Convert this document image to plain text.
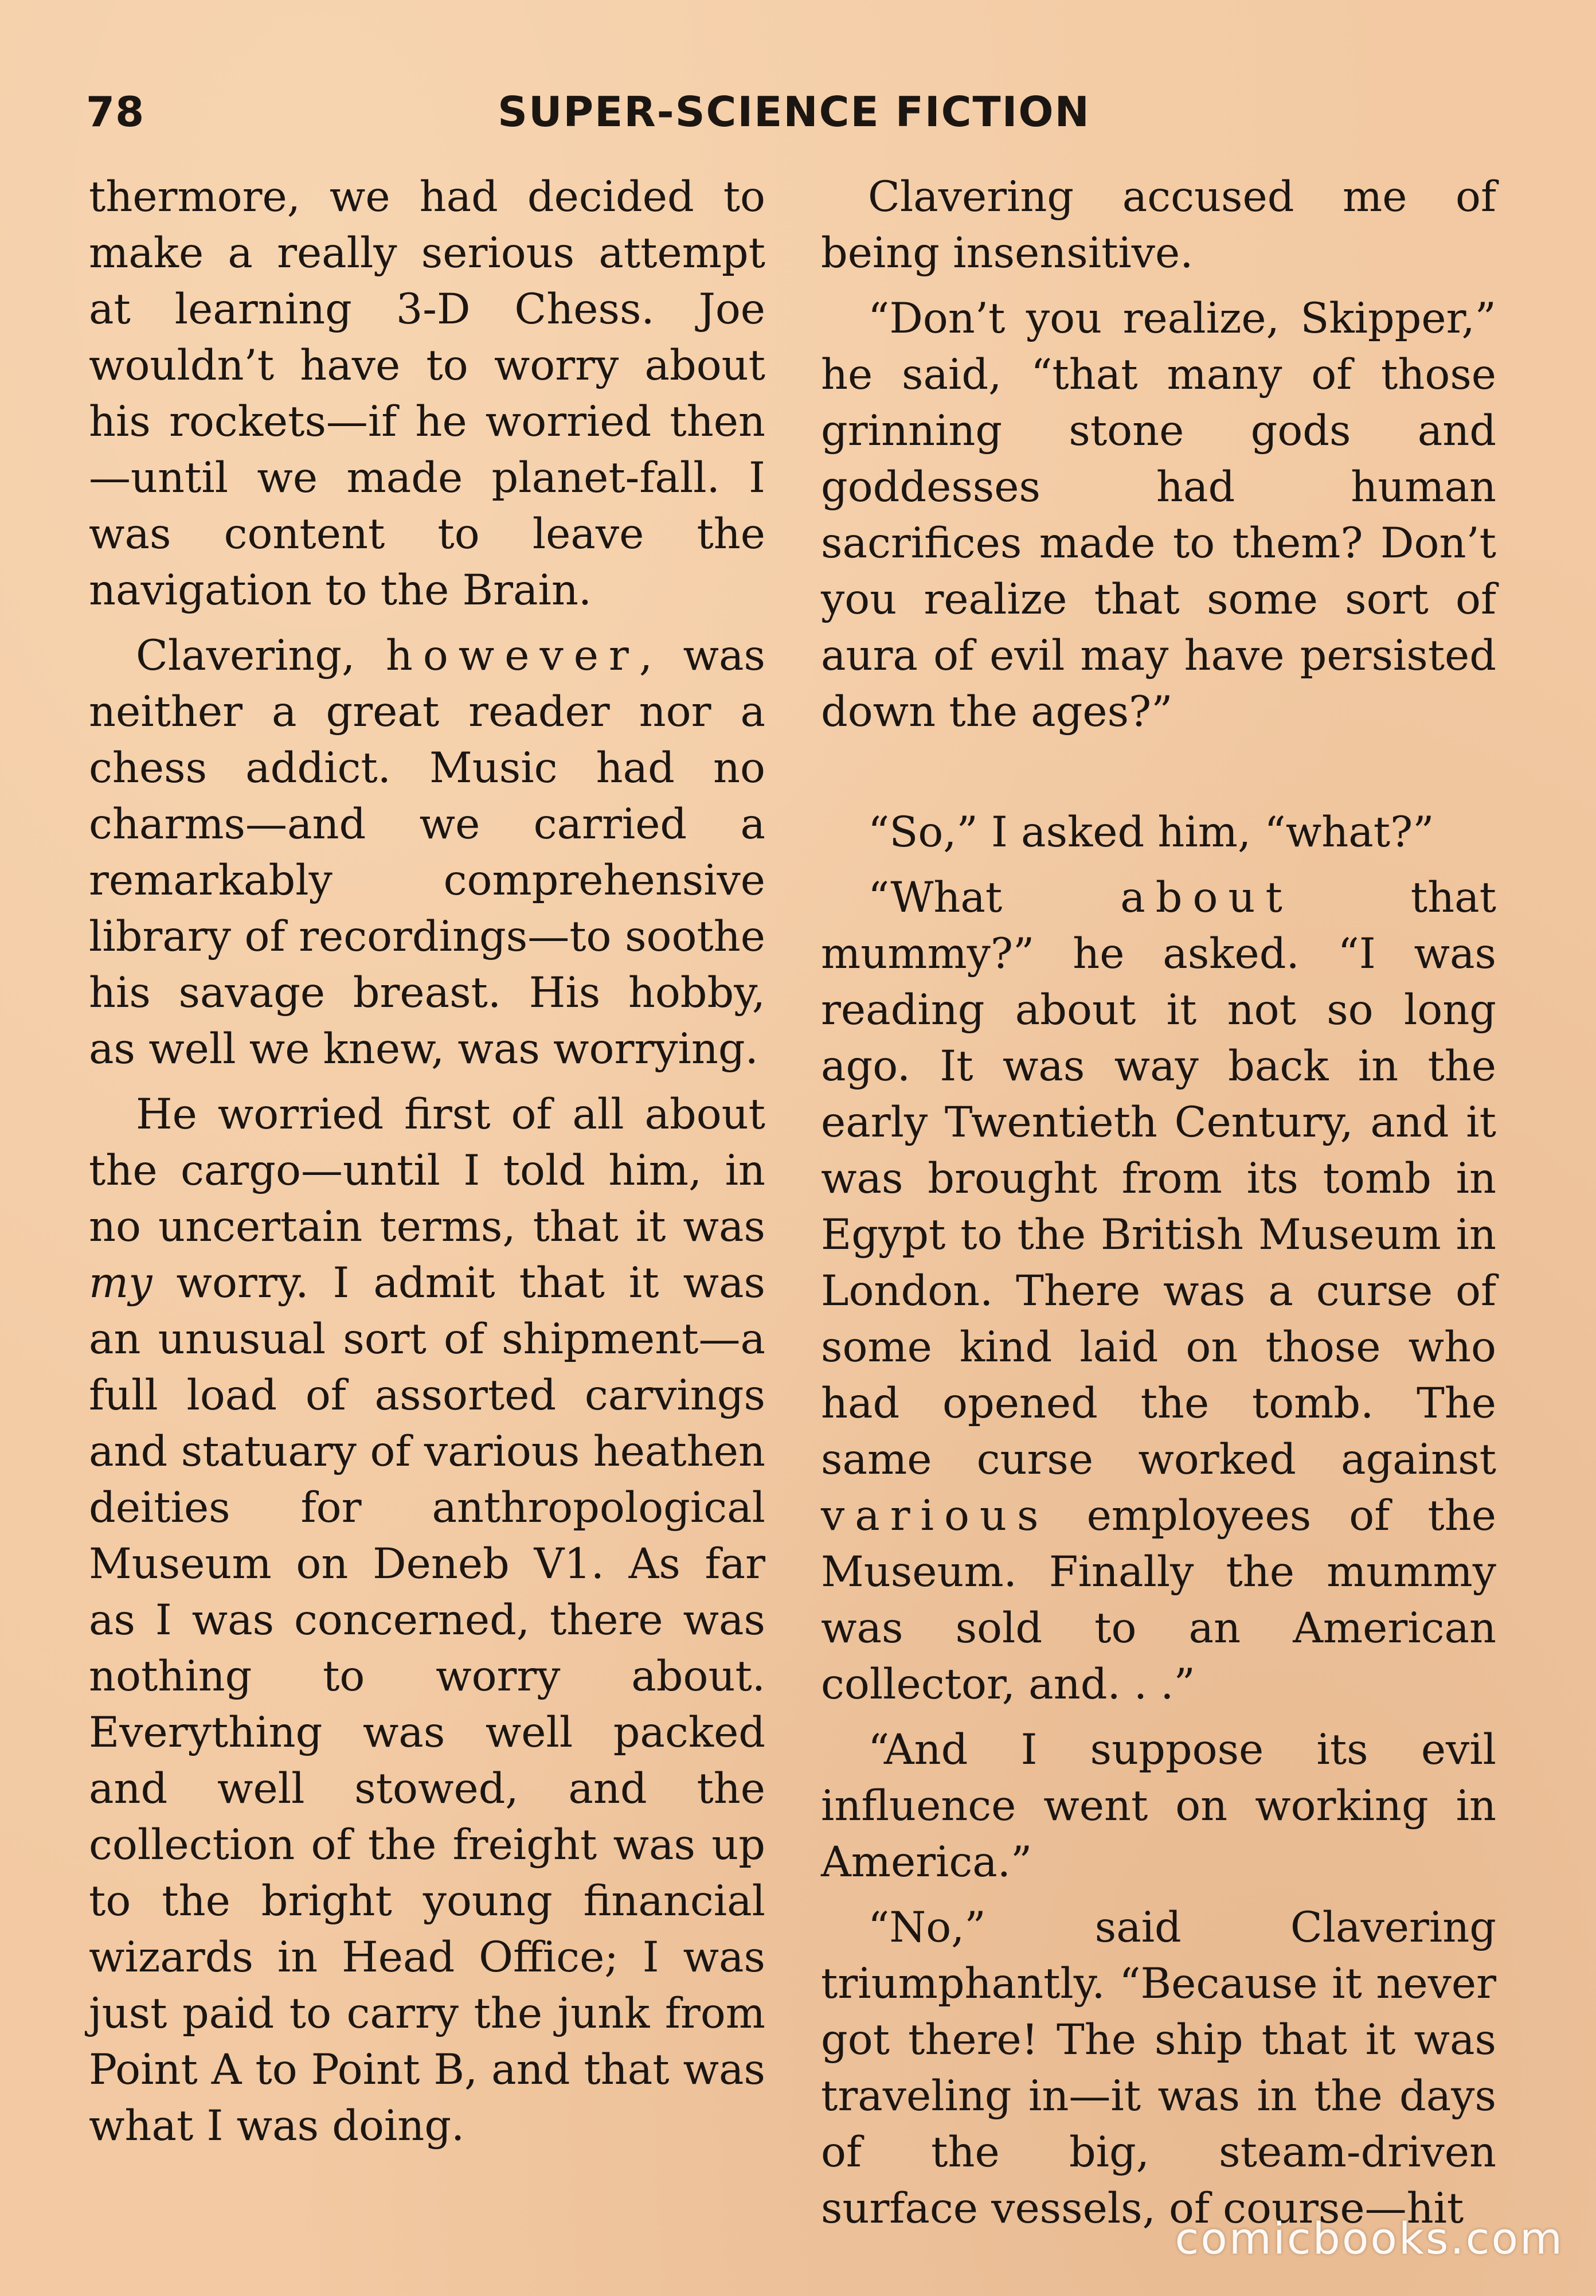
78	SUPER-SCIENCE FICTION

thermore, we had decided to make a really serious attempt at learning 3-D Chess. Joe wouldn’t have to worry about his rockets—if he worried then—until we made planet-fall. I was content to leave the navigation to the Brain.

Clavering, however, was neither a great reader nor a chess addict. Music had no charms—and we carried a remarkably comprehensive library of recordings—to soothe his savage breast. His hobby, as well we knew, was worrying.

He worried first of all about the cargo—until I told him, in no uncertain terms, that it was my worry. I admit that it was an unusual sort of shipment—a full load of assorted carvings and statuary of various heathen deities for anthropological Museum on Deneb V1. As far as I was concerned, there was nothing to worry about. Everything was well packed and well stowed, and the collection of the freight was up to the bright young financial wizards in Head Office; I was just paid to carry the junk from Point A to Point B, and that was what I was doing.

Clavering accused me of being insensitive.

“Don’t you realize, Skipper,” he said, “that many of those grinning stone gods and goddesses had human sacrifices made to them? Don’t you realize that some sort of aura of evil may have persisted down the ages?”

“So,” I asked him, “what?”

“What about that mummy?” he asked. “I was reading about it not so long ago. It was way back in the early Twentieth Century, and it was brought from its tomb in Egypt to the British Museum in London. There was a curse of some kind laid on those who had opened the tomb. The same curse worked against various employees of the Museum. Finally the mummy was sold to an American collector, and. . .”

“And I suppose its evil influence went on working in America.”

“No,” said Clavering triumphantly. “Because it never got there! The ship that it was traveling in—it was in the days of the big, steam-driven surface vessels, of course—hit

comicbooks.com
